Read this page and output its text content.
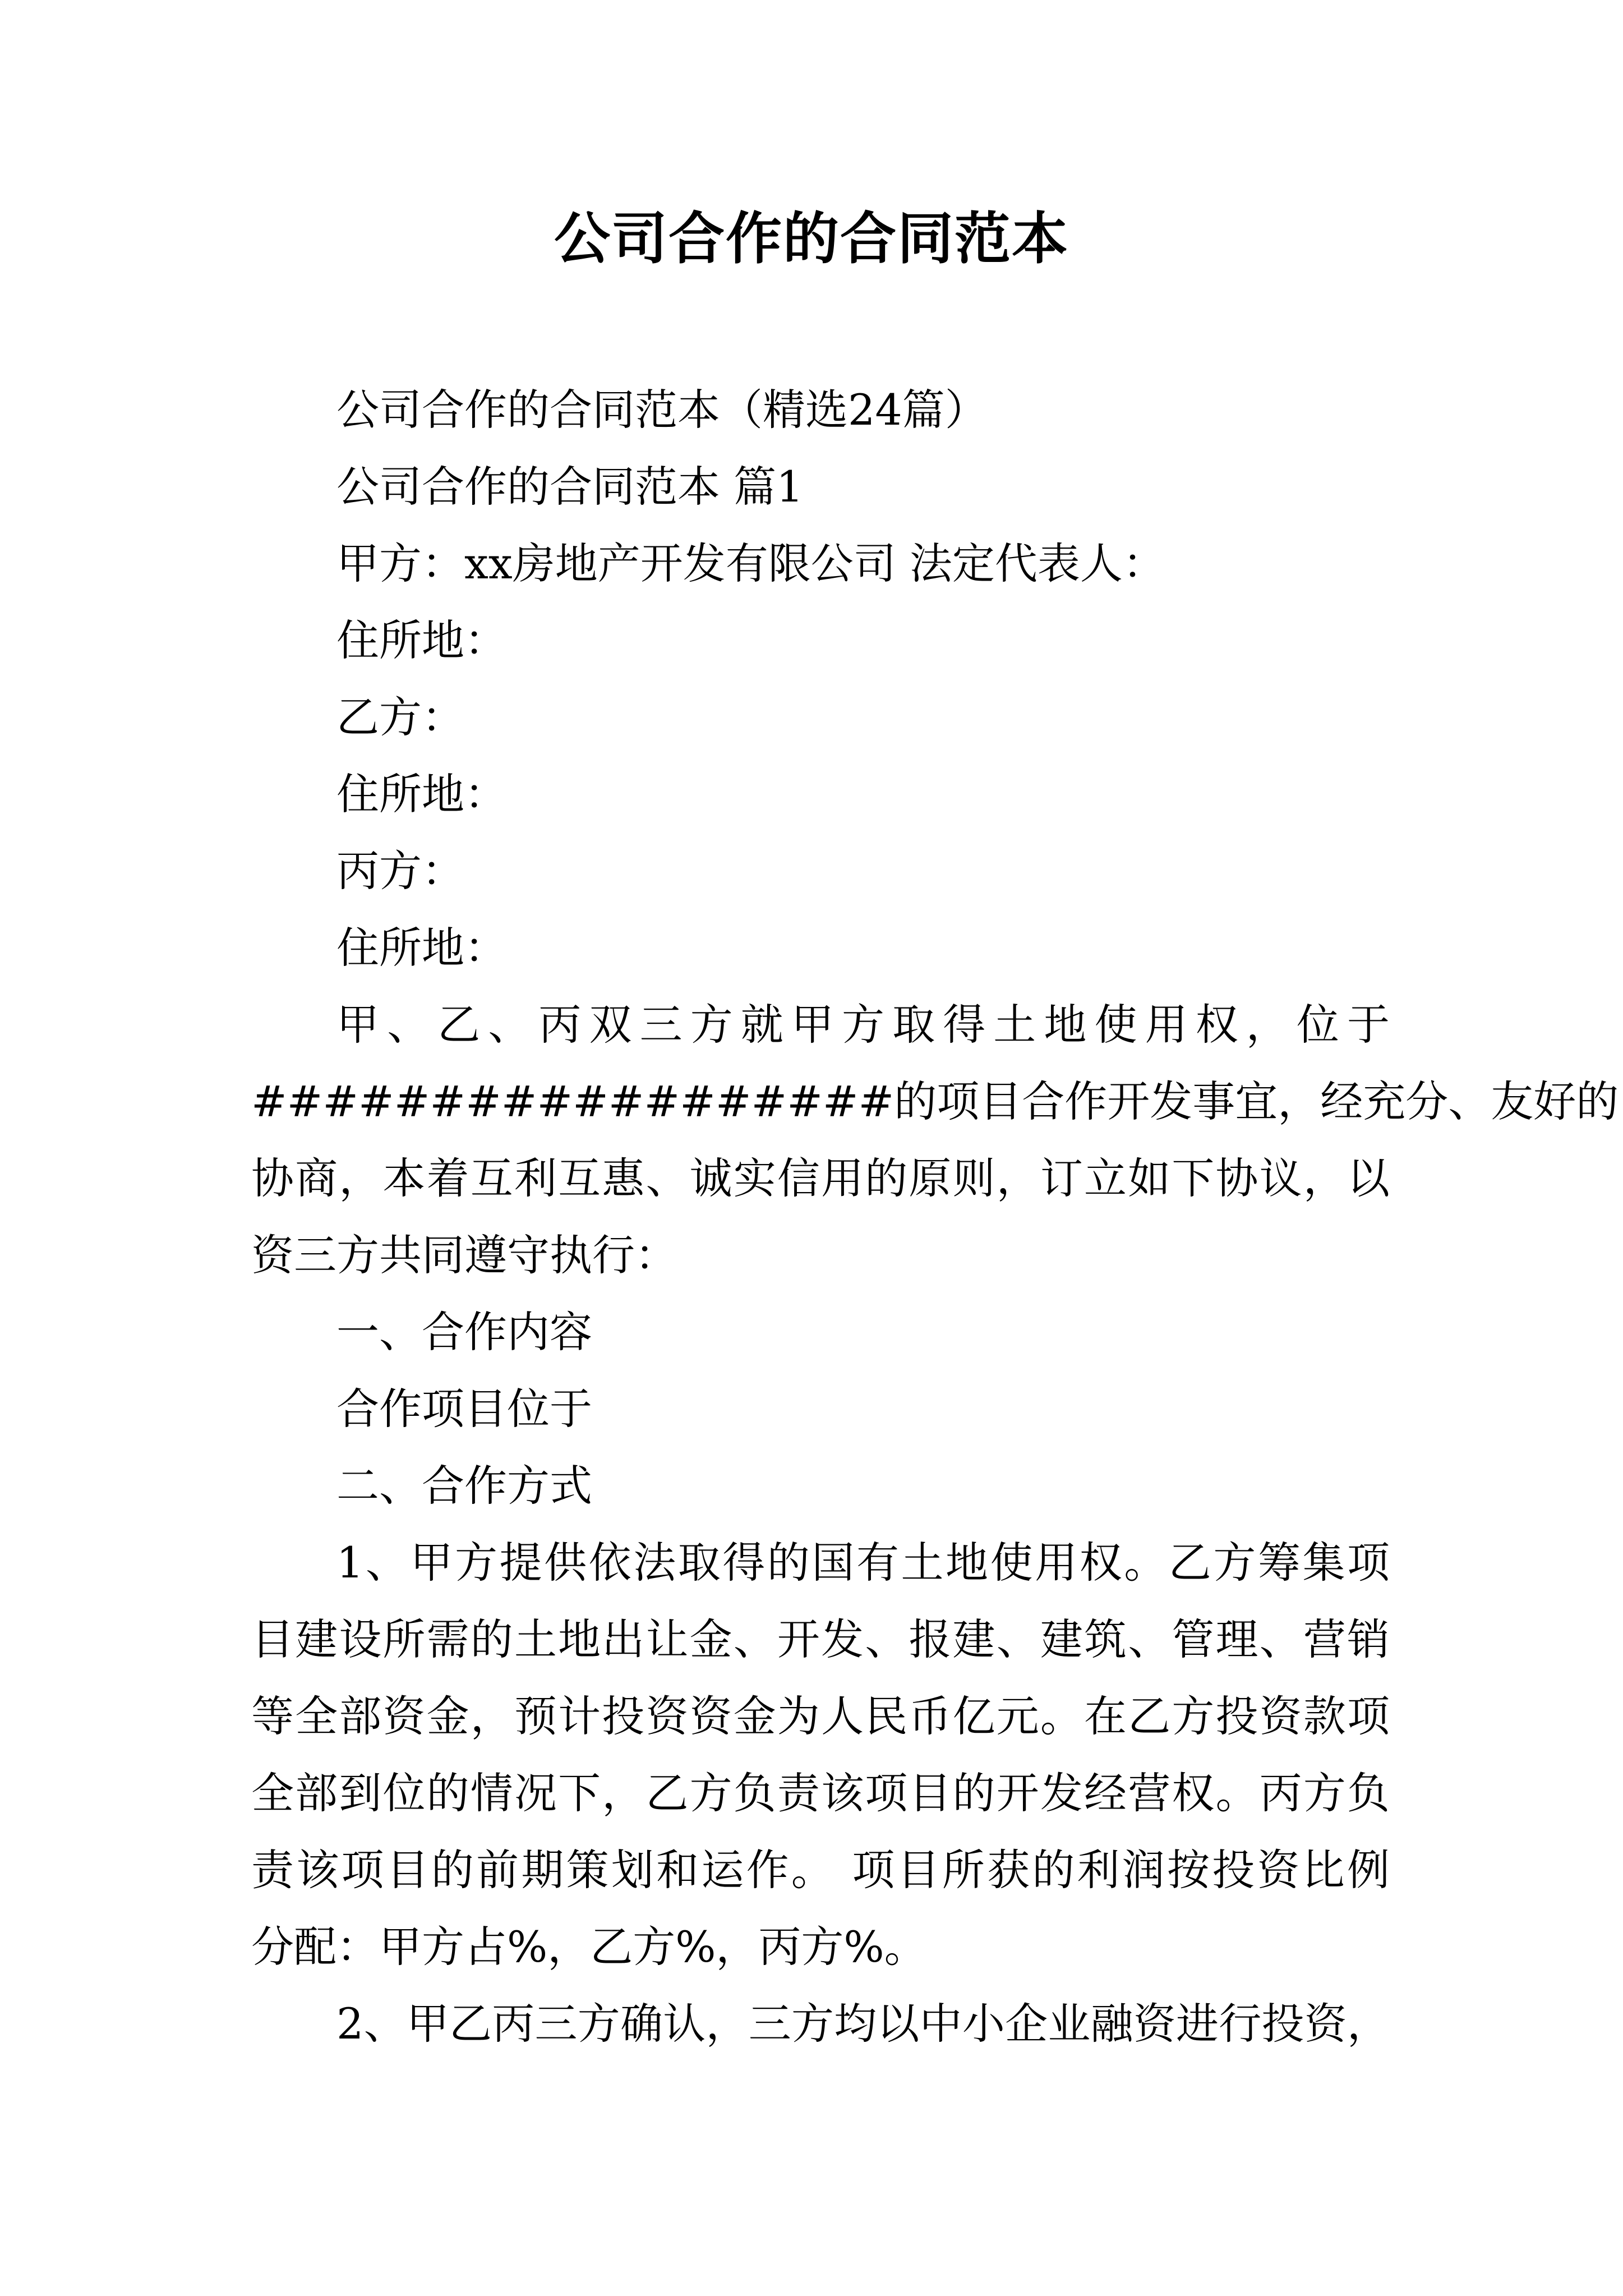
公司合作的合同范本
公司合作的合同范本（精选24篇）
公司合作的合同范本 篇1
甲方：xx房地产开发有限公司 法定代表人：
住所地：
乙方：
住所地：
丙方：
住所地：
甲、乙、丙双三方就甲方取得土地使用权，位于
##################的项目合作开发事宜，经充分、友好的
协商，本着互利互惠、诚实信用的原则，订立如下协议，以
资三方共同遵守执行：
一、合作内容
合作项目位于
二、合作方式
1、甲方提供依法取得的国有土地使用权。乙方筹集项
目建设所需的土地出让金、开发、报建、建筑、管理、营销
等全部资金，预计投资资金为人民币亿元。在乙方投资款项
全部到位的情况下，乙方负责该项目的开发经营权。丙方负
责该项目的前期策划和运作。 项目所获的利润按投资比例
分配：甲方占%，乙方%，丙方%。
2、甲乙丙三方确认，三方均以中小企业融资进行投资，
